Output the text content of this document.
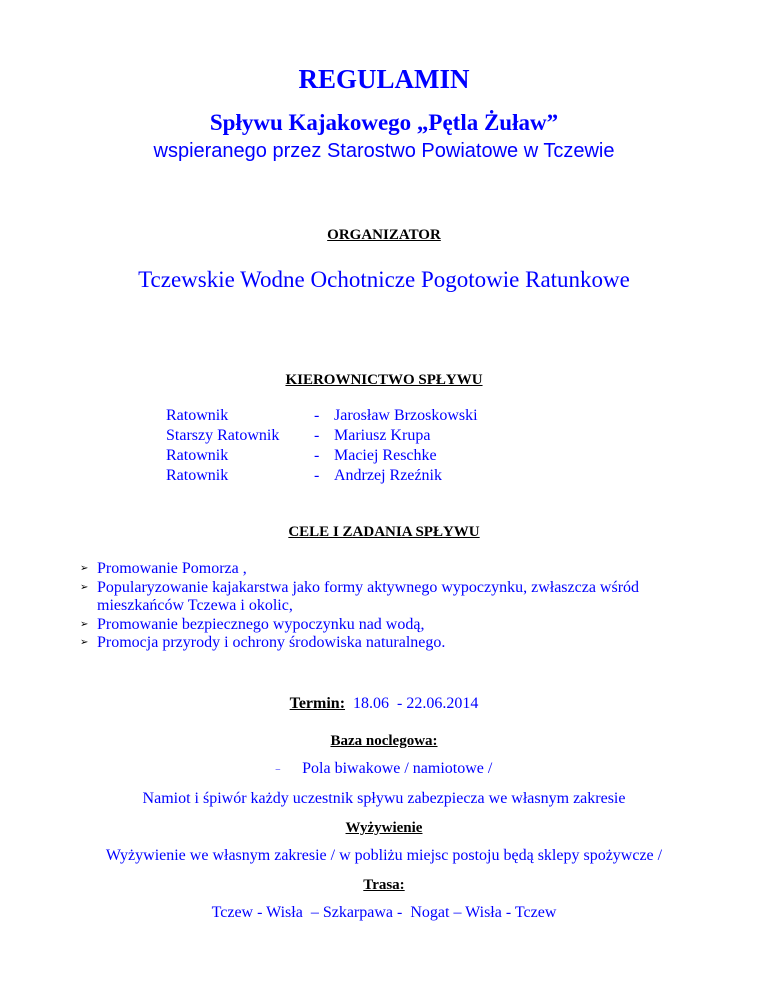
REGULAMIN
Spływu Kajakowego „Pętla Żuław”
wspieranego przez Starostwo Powiatowe w Tczewie
ORGANIZATOR
Tczewskie Wodne Ochotnicze Pogotowie Ratunkowe
KIEROWNICTWO SPŁYWU
Ratownik	- Jarosław Brzoskowski
Starszy Ratownik	- Mariusz Krupa
Ratownik	- Maciej Reschke
Ratownik	- Andrzej Rzeźnik
CELE I ZADANIA SPŁYWU
➢ Promowanie Pomorza ,
➢ Popularyzowanie kajakarstwa jako formy aktywnego wypoczynku, zwłaszcza wśród mieszkańców Tczewa i okolic,
➢ Promowanie bezpiecznego wypoczynku nad wodą,
➢ Promocja przyrody i ochrony środowiska naturalnego.
Termin:  18.06  - 22.06.2014
Baza noclegowa:
– Pola biwakowe / namiotowe /
Namiot i śpiwór każdy uczestnik spływu zabezpiecza we własnym zakresie
Wyżywienie
Wyżywienie we własnym zakresie / w pobliżu miejsc postoju będą sklepy spożywcze /
Trasa:
Tczew - Wisła  – Szkarpawa -  Nogat – Wisła - Tczew
